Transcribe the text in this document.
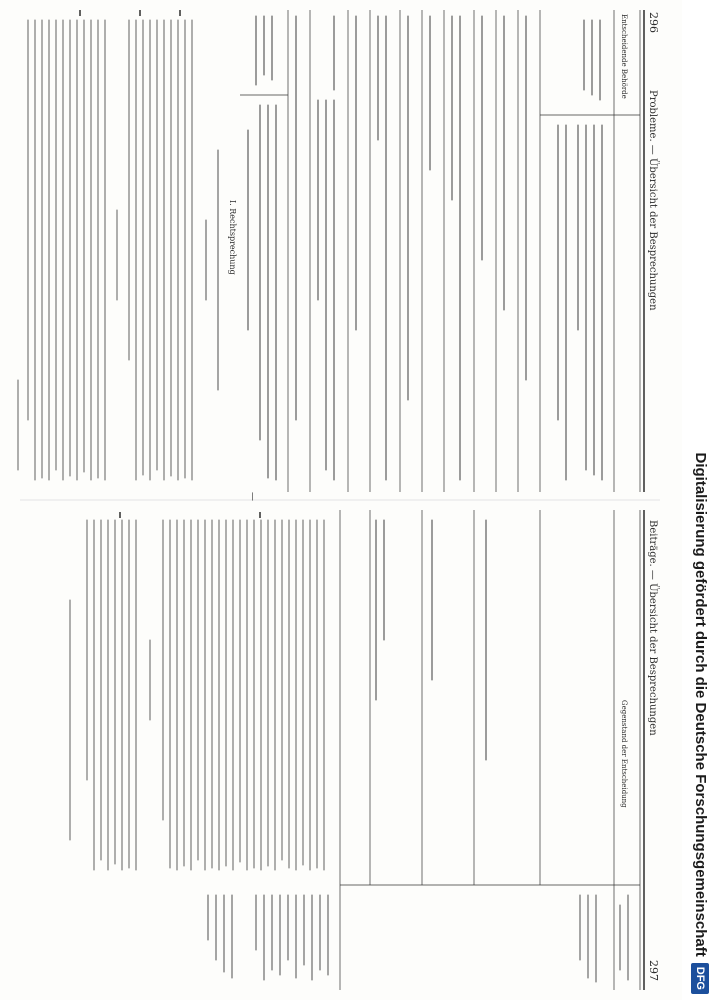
296
Probleme. — Übersicht der Besprechungen
Entscheidende Behörde
I. Rechtsprechung
—
Beiträge. — Übersicht der Besprechungen
297
Gegenstand der Entscheidung	Digitalisierung gefördert durch die Deutsche Forschungsgemeinschaft
DFG
